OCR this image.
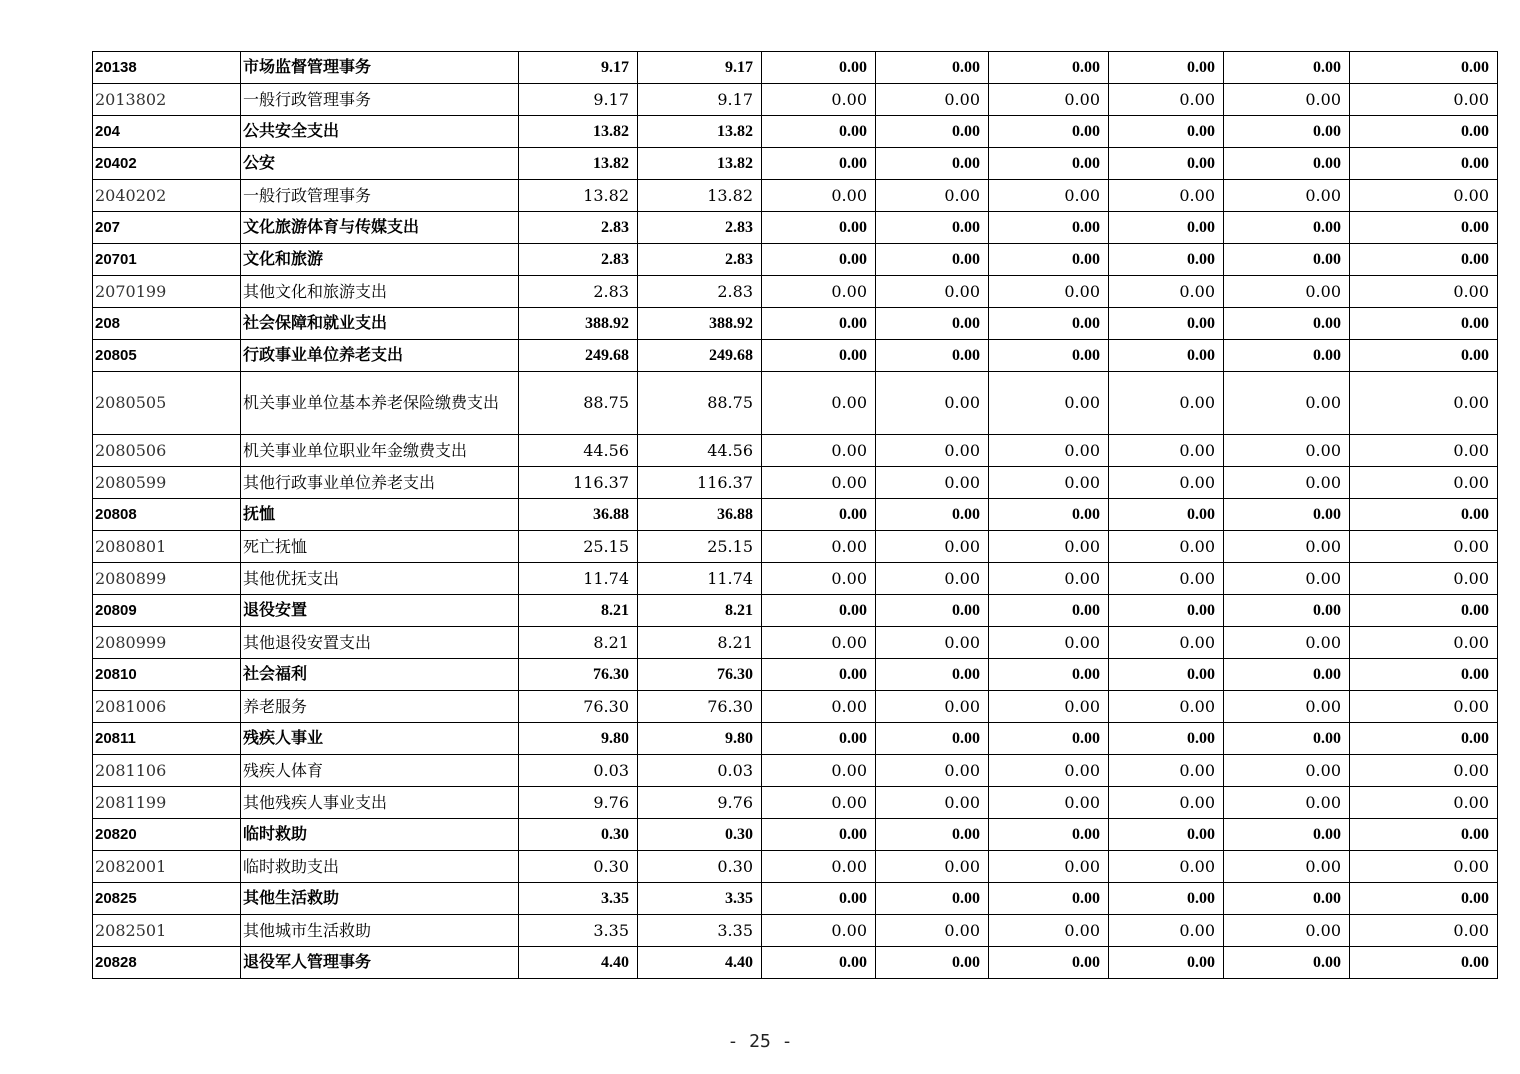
20138	市场监督管理事务	9.17	9.17	0.00	0.00	0.00	0.00	0.00	0.00
2013802	一般行政管理事务	9.17	9.17	0.00	0.00	0.00	0.00	0.00	0.00
204	公共安全支出	13.82	13.82	0.00	0.00	0.00	0.00	0.00	0.00
20402	公安	13.82	13.82	0.00	0.00	0.00	0.00	0.00	0.00
2040202	一般行政管理事务	13.82	13.82	0.00	0.00	0.00	0.00	0.00	0.00
207	文化旅游体育与传媒支出	2.83	2.83	0.00	0.00	0.00	0.00	0.00	0.00
20701	文化和旅游	2.83	2.83	0.00	0.00	0.00	0.00	0.00	0.00
2070199	其他文化和旅游支出	2.83	2.83	0.00	0.00	0.00	0.00	0.00	0.00
208	社会保障和就业支出	388.92	388.92	0.00	0.00	0.00	0.00	0.00	0.00
20805	行政事业单位养老支出	249.68	249.68	0.00	0.00	0.00	0.00	0.00	0.00
2080505	机关事业单位基本养老保险缴费支出	88.75	88.75	0.00	0.00	0.00	0.00	0.00	0.00
2080506	机关事业单位职业年金缴费支出	44.56	44.56	0.00	0.00	0.00	0.00	0.00	0.00
2080599	其他行政事业单位养老支出	116.37	116.37	0.00	0.00	0.00	0.00	0.00	0.00
20808	抚恤	36.88	36.88	0.00	0.00	0.00	0.00	0.00	0.00
2080801	死亡抚恤	25.15	25.15	0.00	0.00	0.00	0.00	0.00	0.00
2080899	其他优抚支出	11.74	11.74	0.00	0.00	0.00	0.00	0.00	0.00
20809	退役安置	8.21	8.21	0.00	0.00	0.00	0.00	0.00	0.00
2080999	其他退役安置支出	8.21	8.21	0.00	0.00	0.00	0.00	0.00	0.00
20810	社会福利	76.30	76.30	0.00	0.00	0.00	0.00	0.00	0.00
2081006	养老服务	76.30	76.30	0.00	0.00	0.00	0.00	0.00	0.00
20811	残疾人事业	9.80	9.80	0.00	0.00	0.00	0.00	0.00	0.00
2081106	残疾人体育	0.03	0.03	0.00	0.00	0.00	0.00	0.00	0.00
2081199	其他残疾人事业支出	9.76	9.76	0.00	0.00	0.00	0.00	0.00	0.00
20820	临时救助	0.30	0.30	0.00	0.00	0.00	0.00	0.00	0.00
2082001	临时救助支出	0.30	0.30	0.00	0.00	0.00	0.00	0.00	0.00
20825	其他生活救助	3.35	3.35	0.00	0.00	0.00	0.00	0.00	0.00
2082501	其他城市生活救助	3.35	3.35	0.00	0.00	0.00	0.00	0.00	0.00
20828	退役军人管理事务	4.40	4.40	0.00	0.00	0.00	0.00	0.00	0.00
- 25 -
